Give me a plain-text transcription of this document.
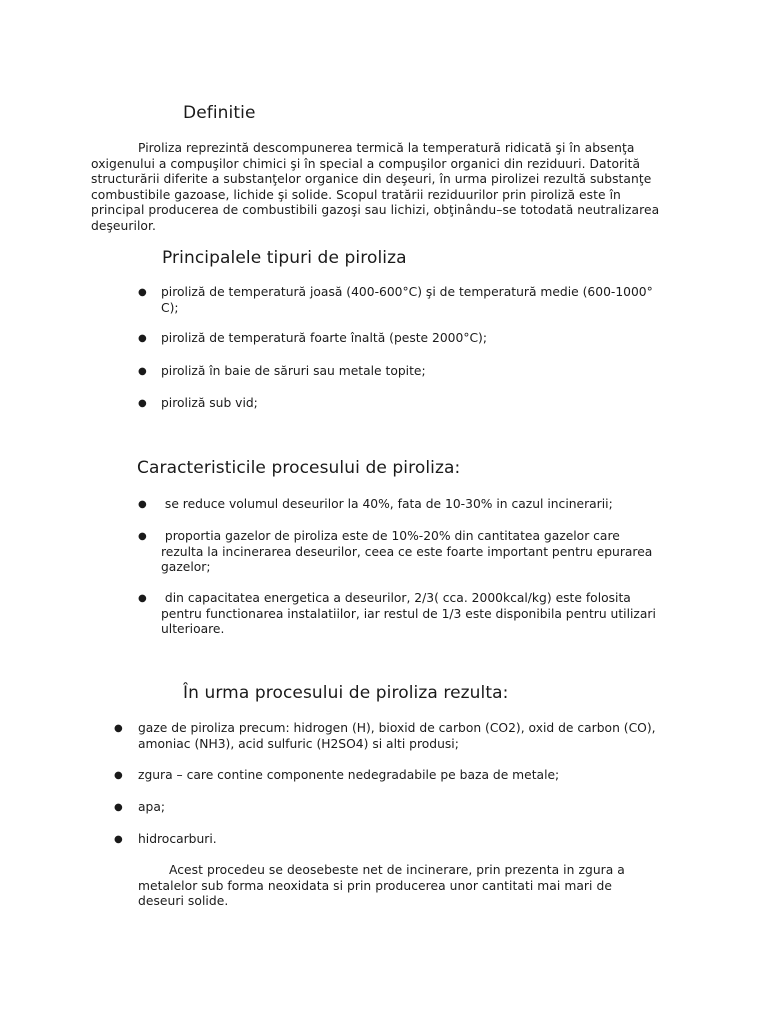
Definitie

Piroliza reprezintă descompunerea termică la temperatură ridicată şi în absenţa oxigenului a compuşilor chimici şi în special a compuşilor organici din reziduuri. Datorită structurării diferite a substanţelor organice din deşeuri, în urma pirolizei rezultă substanţe combustibile gazoase, lichide şi solide. Scopul tratării reziduurilor prin piroliză este în principal producerea de combustibili gazoşi sau lichizi, obţinându–se totodată neutralizarea deşeurilor.

Principalele tipuri de piroliza
● piroliză de temperatură joasă (400-600°C) şi de temperatură medie (600-1000° C);
● piroliză de temperatură foarte înaltă (peste 2000°C);
● piroliză în baie de săruri sau metale topite;
● piroliză sub vid;
Caracteristicile procesului de piroliza:
● se reduce volumul deseurilor la 40%, fata de 10-30% in cazul incinerarii;
● proportia gazelor de piroliza este de 10%-20% din cantitatea gazelor care rezulta la incinerarea deseurilor, ceea ce este foarte important pentru epurarea gazelor;
● din capacitatea energetica a deseurilor, 2/3( cca. 2000kcal/kg) este folosita pentru functionarea instalatiilor, iar restul de 1/3 este disponibila pentru utilizari ulterioare.
În urma procesului de piroliza rezulta:
● gaze de piroliza precum: hidrogen (H), bioxid de carbon (CO2), oxid de carbon (CO), amoniac (NH3), acid sulfuric (H2SO4) si alti produsi;
● zgura – care contine componente nedegradabile pe baza de metale;
● apa;
● hidrocarburi.

Acest procedeu se deosebeste net de incinerare, prin prezenta in zgura a metalelor sub forma neoxidata si prin producerea unor cantitati mai mari de deseuri solide.
